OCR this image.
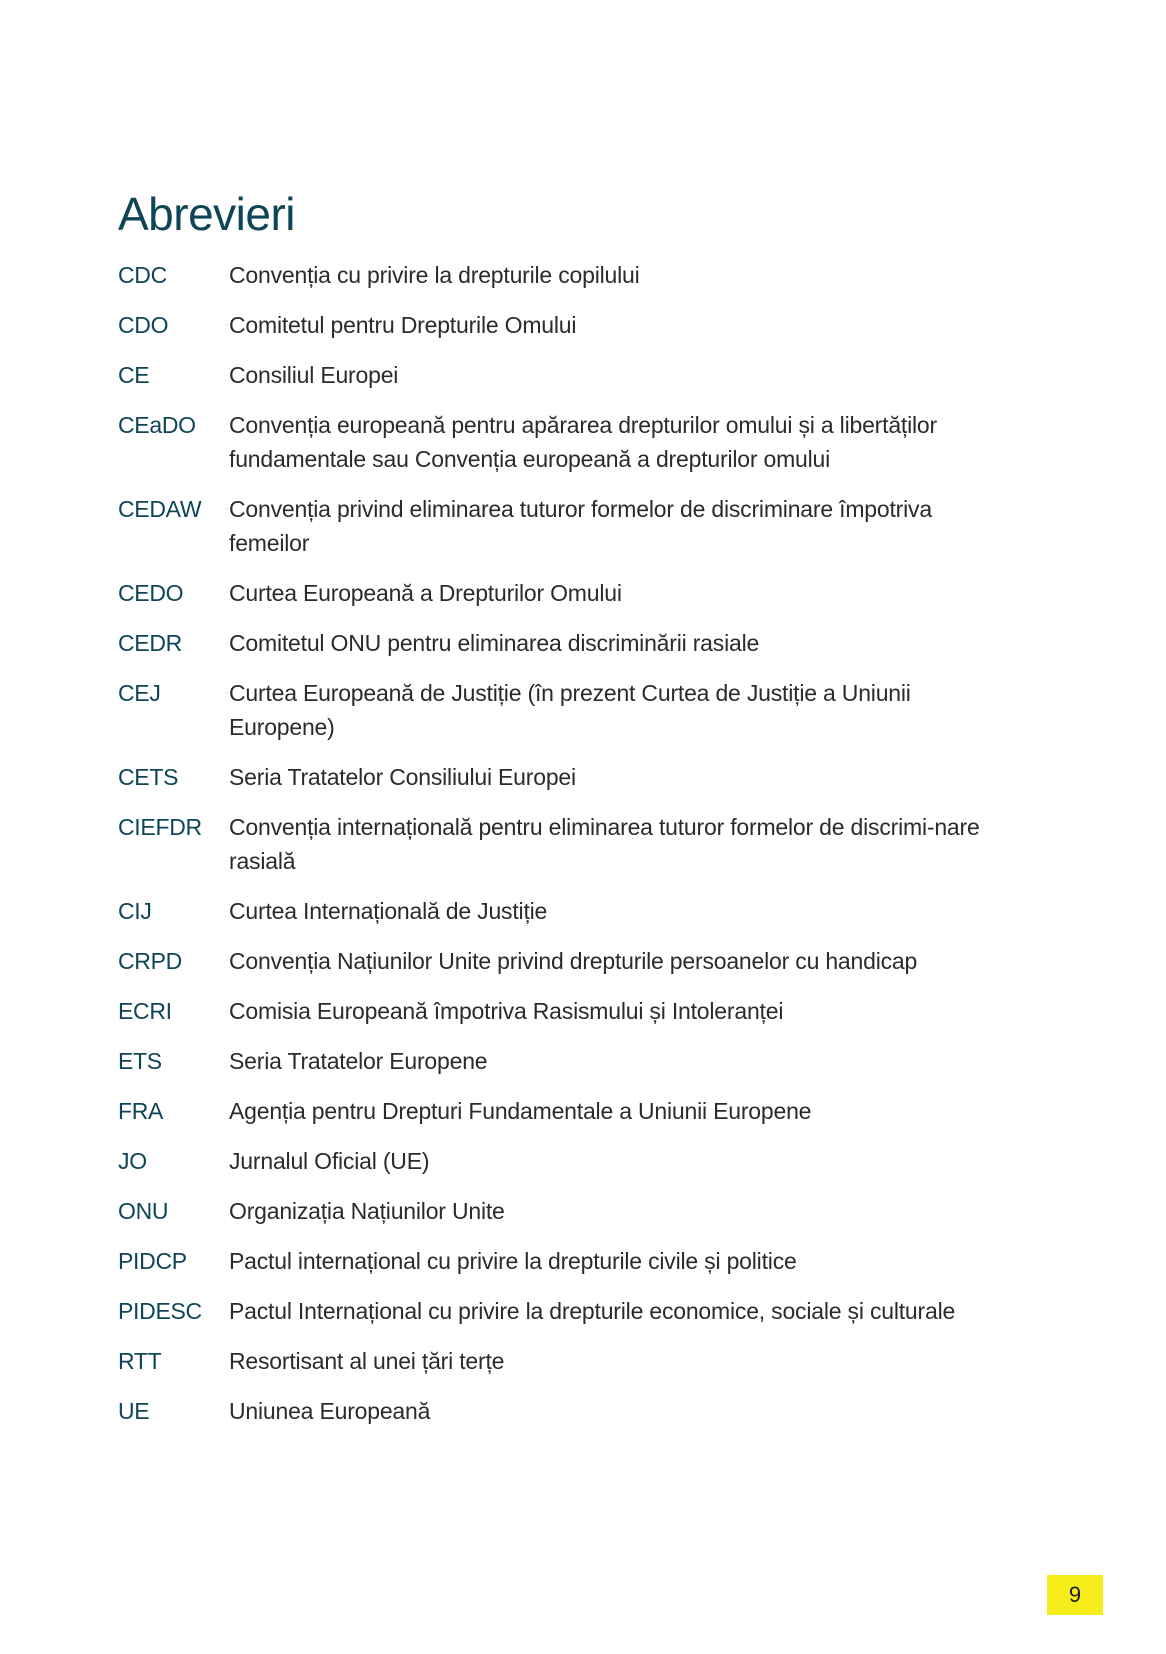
Abrevieri
CDC	Convenția cu privire la drepturile copilului
CDO	Comitetul pentru Drepturile Omului
CE	Consiliul Europei
CEaDO	Convenția europeană pentru apărarea drepturilor omului și a libertăților fundamentale sau Convenția europeană a drepturilor omului
CEDAW	Convenția privind eliminarea tuturor formelor de discriminare împotriva femeilor
CEDO	Curtea Europeană a Drepturilor Omului
CEDR	Comitetul ONU pentru eliminarea discriminării rasiale
CEJ	Curtea Europeană de Justiție (în prezent Curtea de Justiție a Uniunii Europene)
CETS	Seria Tratatelor Consiliului Europei
CIEFDR	Convenția internațională pentru eliminarea tuturor formelor de discrimi-nare rasială
CIJ	Curtea Internațională de Justiție
CRPD	Convenția Națiunilor Unite privind drepturile persoanelor cu handicap
ECRI	Comisia Europeană împotriva Rasismului și Intoleranței
ETS	Seria Tratatelor Europene
FRA	Agenția pentru Drepturi Fundamentale a Uniunii Europene
JO	Jurnalul Oficial (UE)
ONU	Organizația Națiunilor Unite
PIDCP	Pactul internațional cu privire la drepturile civile și politice
PIDESC	Pactul Internațional cu privire la drepturile economice, sociale și culturale
RTT	Resortisant al unei țări terțe
UE	Uniunea Europeană
9
